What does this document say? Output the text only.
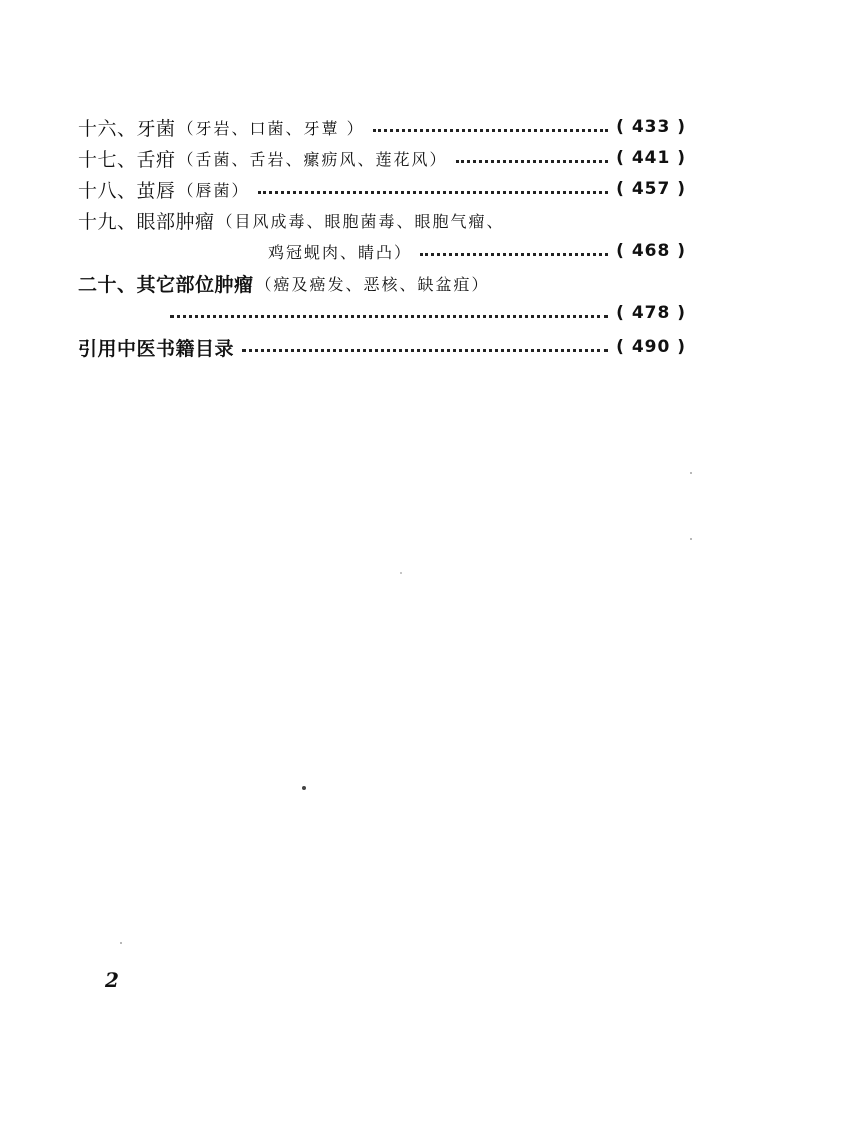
十六、 牙菌 （牙岩、口菌、牙蕈 ）	( 433 )
十七、 舌疳 （舌菌、舌岩、瘰疬风、莲花风）	( 441 )
十八、 茧唇 （唇菌）	( 457 )
十九、 眼部肿瘤 （目风成毒、眼胞菌毒、眼胞气瘤、
鸡冠蚬肉、睛凸）	( 468 )
二十、 其它部位肿瘤 （癌及癌发、恶核、缺盆疽）
( 478 )
引用中医书籍目录	( 490 )
2
